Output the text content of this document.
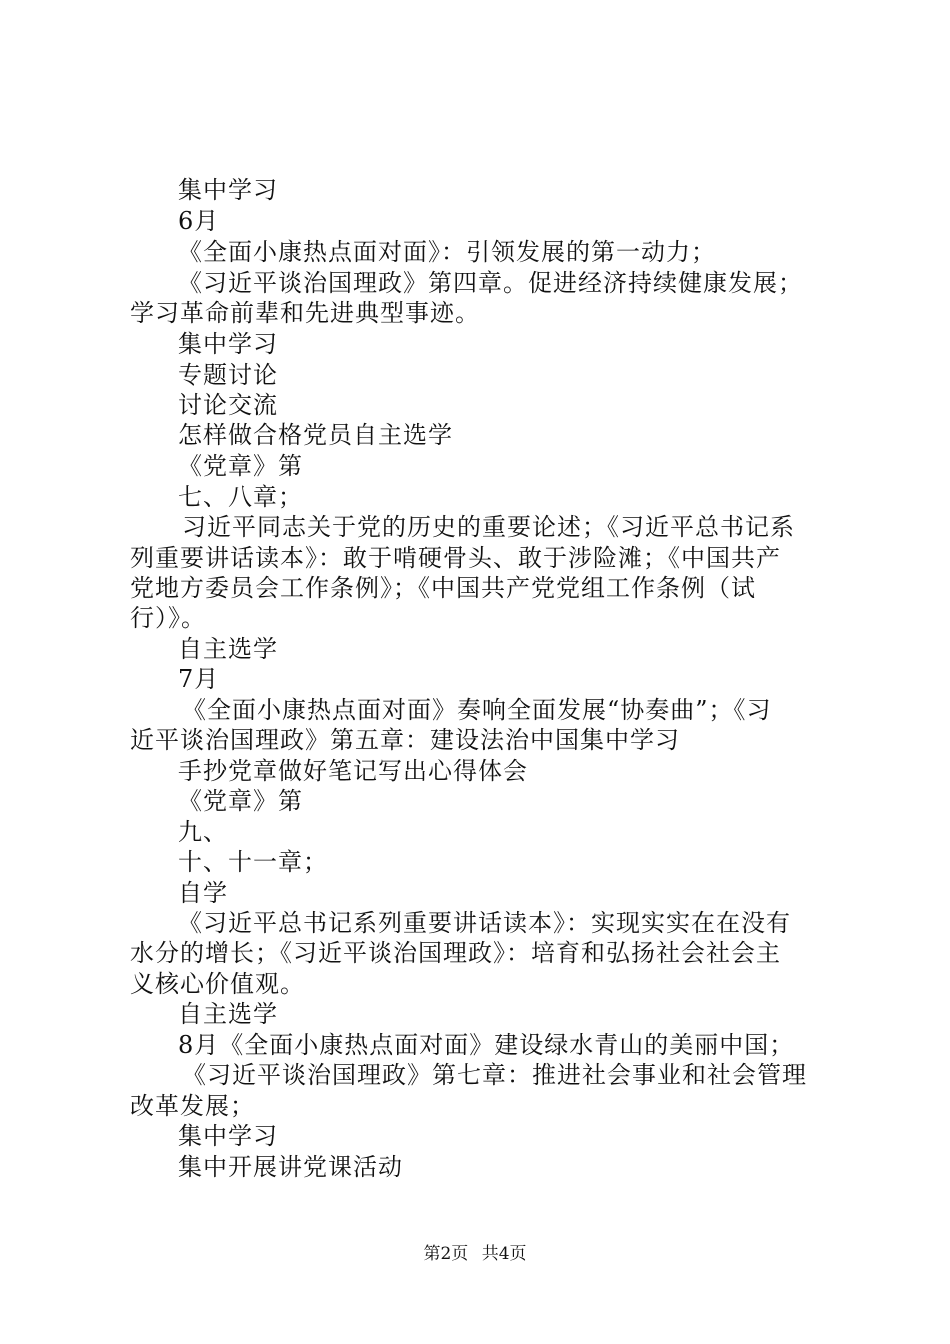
集中学习
6月
《全面小康热点面对面》：引领发展的第一动力；
《习近平谈治国理政》第四章。促进经济持续健康发展；
学习革命前辈和先进典型事迹。
集中学习
专题讨论
讨论交流
怎样做合格党员自主选学
《党章》第
七、八章；
习近平同志关于党的历史的重要论述；《习近平总书记系
列重要讲话读本》：敢于啃硬骨头、敢于涉险滩；《中国共产
党地方委员会工作条例》；《中国共产党党组工作条例（试
行）》。
自主选学
7月
《全面小康热点面对面》奏响全面发展“协奏曲”；《习
近平谈治国理政》第五章：建设法治中国集中学习
手抄党章做好笔记写出心得体会
《党章》第
九、
十、十一章；
自学
《习近平总书记系列重要讲话读本》：实现实实在在没有
水分的增长；《习近平谈治国理政》：培育和弘扬社会社会主
义核心价值观。
自主选学
8月《全面小康热点面对面》建设绿水青山的美丽中国；
《习近平谈治国理政》第七章：推进社会事业和社会管理
改革发展；
集中学习
集中开展讲党课活动
第2页 共4页
